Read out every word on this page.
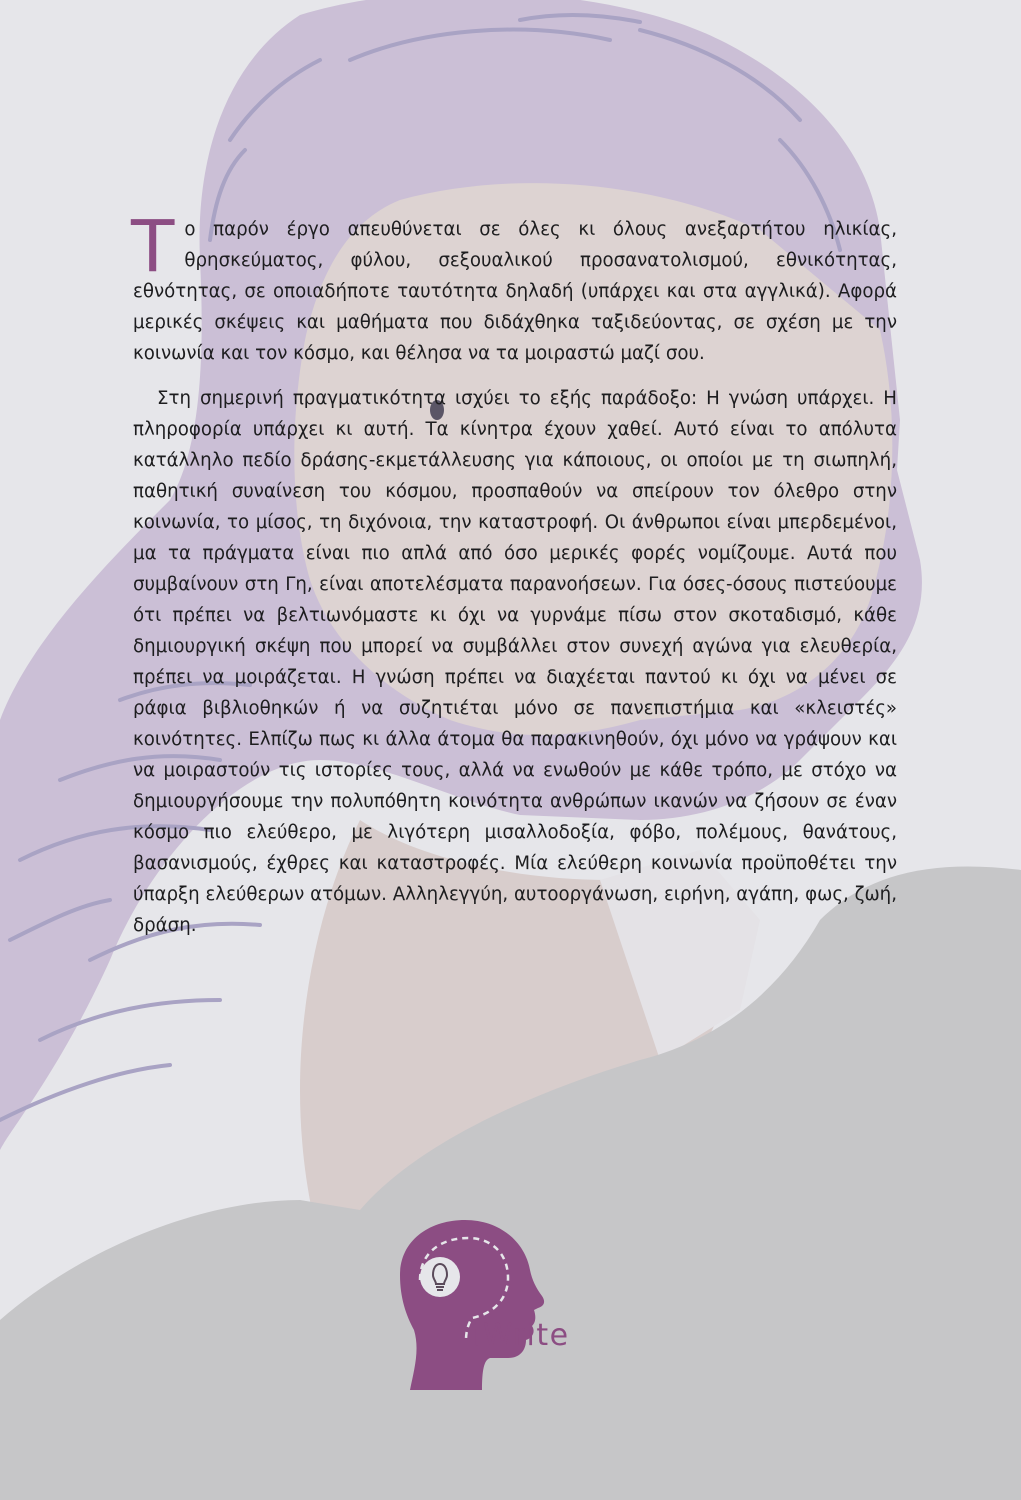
Το παρόν έργο απευθύνεται σε όλες κι όλους ανεξαρτήτου ηλικίας, θρησκεύματος, φύλου, σεξουαλικού προσανατολισμού, εθνικότητας, εθνότητας, σε οποιαδήποτε ταυτότητα δηλαδή (υπάρχει και στα αγγλικά). Αφορά μερικές σκέψεις και μαθήματα που διδάχθηκα ταξιδεύοντας, σε σχέση με την κοινωνία και τον κόσμο, και θέλησα να τα μοιραστώ μαζί σου.

Στη σημερινή πραγματικότητα ισχύει το εξής παράδοξο: Η γνώση υπάρχει. Η πληροφορία υπάρχει κι αυτή. Τα κίνητρα έχουν χαθεί. Αυτό είναι το απόλυτα κατάλληλο πεδίο δράσης-εκμετάλλευσης για κάποιους, οι οποίοι με τη σιωπηλή, παθητική συναίνεση του κόσμου, προσπαθούν να σπείρουν τον όλεθρο στην κοινωνία, το μίσος, τη διχόνοια, την καταστροφή. Οι άνθρωποι είναι μπερδεμένοι, μα τα πράγματα είναι πιο απλά από όσο μερικές φορές νομίζουμε. Αυτά που συμβαίνουν στη Γη, είναι αποτελέσματα παρανοήσεων. Για όσες-όσους πιστεύουμε ότι πρέπει να βελτιωνόμαστε κι όχι να γυρνάμε πίσω στον σκοταδισμό, κάθε δημιουργική σκέψη που μπορεί να συμβάλλει στον συνεχή αγώνα για ελευθερία, πρέπει να μοιράζεται. Η γνώση πρέπει να διαχέεται παντού κι όχι να μένει σε ράφια βιβλιοθηκών ή να συζητιέται μόνο σε πανεπιστήμια και «κλειστές» κοινότητες. Ελπίζω πως κι άλλα άτομα θα παρακινηθούν, όχι μόνο να γράψουν και να μοιραστούν τις ιστορίες τους, αλλά να ενωθούν με κάθε τρόπο, με στόχο να δημιουργήσουμε την πολυπόθητη κοινότητα ανθρώπων ικανών να ζήσουν σε έναν κόσμο πιο ελεύθερο, με λιγότερη μισαλλοδοξία, φόβο, πολέμους, θανάτους, βασανισμούς, έχθρες και καταστροφές. Μία ελεύθερη κοινωνία προϋποθέτει την ύπαρξη ελεύθερων ατόμων. Αλληλεγγύη, αυτοοργάνωση, ειρήνη, αγάπη, φως, ζωή, δράση.

iWrite
